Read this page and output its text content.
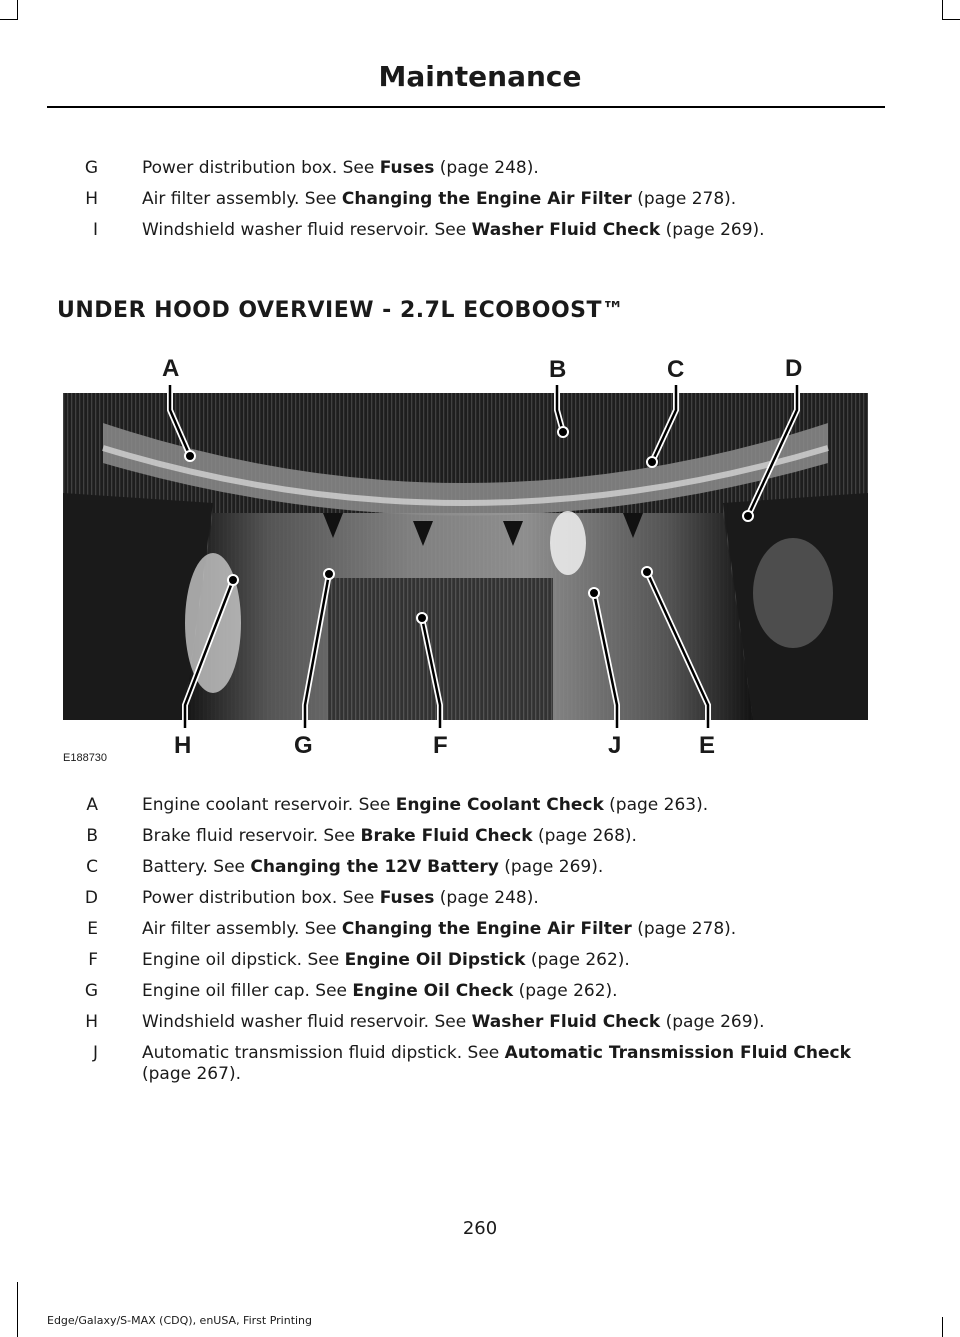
Maintenance
G	Power distribution box. See Fuses (page 248).
H	Air filter assembly. See Changing the Engine Air Filter (page 278).
I	Windshield washer fluid reservoir. See Washer Fluid Check (page 269).
UNDER HOOD OVERVIEW - 2.7L ECOBOOST™
A	B	C	D
H	G	F	J	E
E188730
A	Engine coolant reservoir. See Engine Coolant Check (page 263).
B	Brake fluid reservoir. See Brake Fluid Check (page 268).
C	Battery. See Changing the 12V Battery (page 269).
D	Power distribution box. See Fuses (page 248).
E	Air filter assembly. See Changing the Engine Air Filter (page 278).
F	Engine oil dipstick. See Engine Oil Dipstick (page 262).
G	Engine oil filler cap. See Engine Oil Check (page 262).
H	Windshield washer fluid reservoir. See Washer Fluid Check (page 269).
J	Automatic transmission fluid dipstick. See Automatic Transmission Fluid Check (page 267).
260
Edge/Galaxy/S-MAX (CDQ), enUSA, First Printing
